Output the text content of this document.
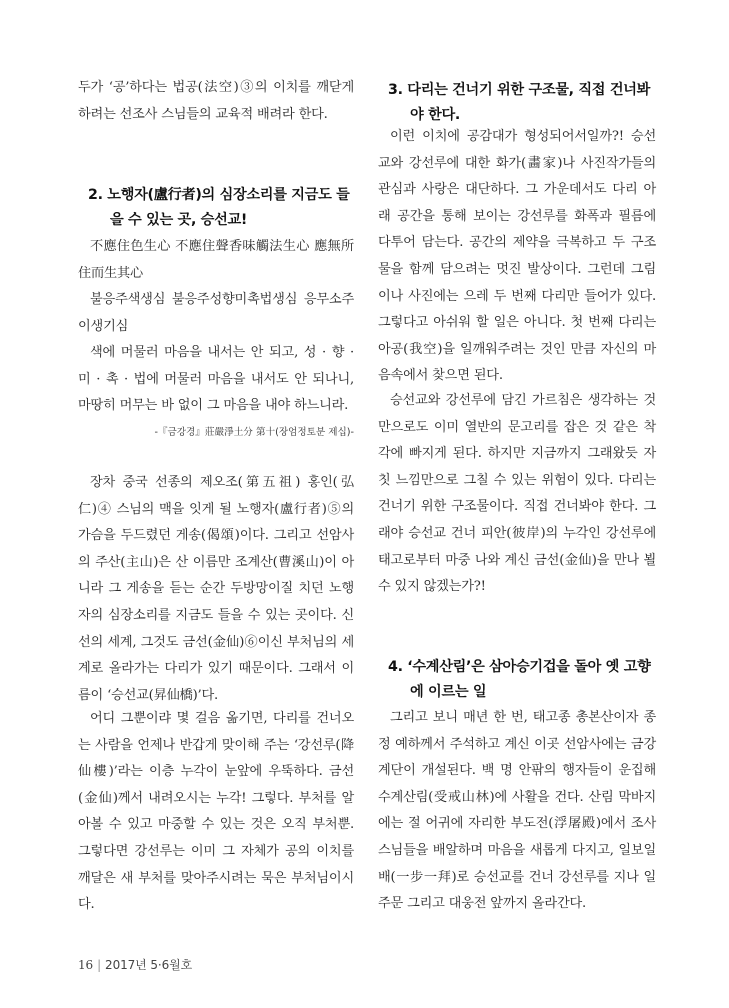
두가 ‘공’하다는 법공(法空)③의 이치를 깨닫게 하려는 선조사 스님들의 교육적 배려라 한다.

2. 노행자(盧行者)의 심장소리를 지금도 들을 수 있는 곳, 승선교!

不應住色生心 不應住聲香味觸法生心 應無所住而生其心

불응주색생심 불응주성향미촉법생심 응무소주이생기심

색에 머물러 마음을 내서는 안 되고, 성 · 향 · 미 · 촉 · 법에 머물러 마음을 내서도 안 되나니, 마땅히 머무는 바 없이 그 마음을 내야 하느니라.

-『금강경』莊嚴淨土分 第十(장엄정토분 제십)-

장차 중국 선종의 제오조(第五祖) 홍인(弘仁)④ 스님의 맥을 잇게 될 노행자(盧行者)⑤의 가슴을 두드렸던 게송(偈頌)이다. 그리고 선암사의 주산(主山)은 산 이름만 조계산(曹溪山)이 아니라 그 게송을 듣는 순간 두방망이질 치던 노행자의 심장소리를 지금도 들을 수 있는 곳이다. 신선의 세계, 그것도 금선(金仙)⑥이신 부처님의 세계로 올라가는 다리가 있기 때문이다. 그래서 이름이 ‘승선교(昇仙橋)’다.

어디 그뿐이랴 몇 걸음 옮기면, 다리를 건너오는 사람을 언제나 반갑게 맞이해 주는 ‘강선루(降仙樓)’라는 이층 누각이 눈앞에 우뚝하다. 금선(金仙)께서 내려오시는 누각! 그렇다. 부처를 알아볼 수 있고 마중할 수 있는 것은 오직 부처뿐. 그렇다면 강선루는 이미 그 자체가 공의 이치를 깨달은 새 부처를 맞아주시려는 묵은 부처님이시다.

3. 다리는 건너기 위한 구조물, 직접 건너봐야 한다.

이런 이치에 공감대가 형성되어서일까?! 승선교와 강선루에 대한 화가(畵家)나 사진작가들의 관심과 사랑은 대단하다. 그 가운데서도 다리 아래 공간을 통해 보이는 강선루를 화폭과 필름에 다투어 담는다. 공간의 제약을 극복하고 두 구조물을 함께 담으려는 멋진 발상이다. 그런데 그림이나 사진에는 으레 두 번째 다리만 들어가 있다. 그렇다고 아쉬워 할 일은 아니다. 첫 번째 다리는 아공(我空)을 일깨워주려는 것인 만큼 자신의 마음속에서 찾으면 된다.

승선교와 강선루에 담긴 가르침은 생각하는 것만으로도 이미 열반의 문고리를 잡은 것 같은 착각에 빠지게 된다. 하지만 지금까지 그래왔듯 자칫 느낌만으로 그칠 수 있는 위험이 있다. 다리는 건너기 위한 구조물이다. 직접 건너봐야 한다. 그래야 승선교 건너 피안(彼岸)의 누각인 강선루에 태고로부터 마중 나와 계신 금선(金仙)을 만나 뵐 수 있지 않겠는가?!

4. ‘수계산림’은 삼아승기겁을 돌아 옛 고향에 이르는 일

그리고 보니 매년 한 번, 태고종 총본산이자 종정 예하께서 주석하고 계신 이곳 선암사에는 금강계단이 개설된다. 백 명 안팎의 행자들이 운집해 수계산림(受戒山林)에 사활을 건다. 산림 막바지에는 절 어귀에 자리한 부도전(浮屠殿)에서 조사스님들을 배알하며 마음을 새롭게 다지고, 일보일배(一步一拜)로 승선교를 건너 강선루를 지나 일주문 그리고 대웅전 앞까지 올라간다.

16 | 2017년 5·6월호
